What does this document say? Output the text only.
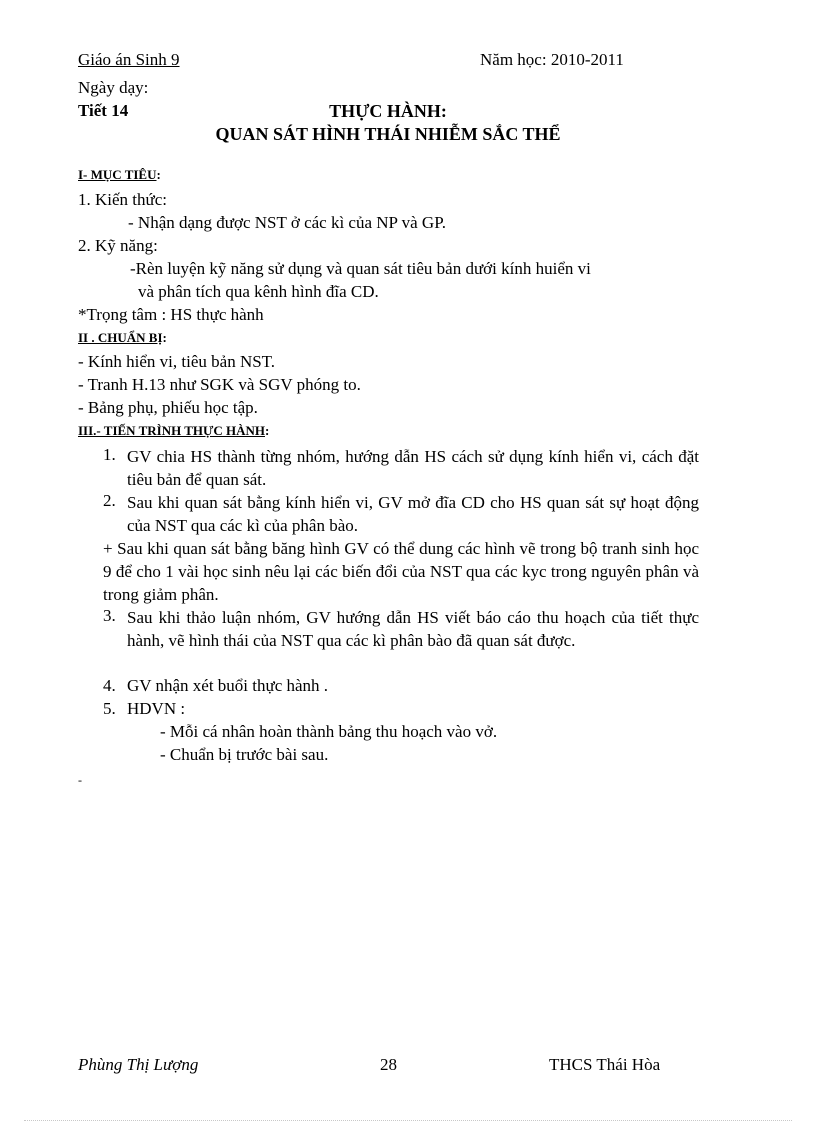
Giáo án Sinh 9	Năm học: 2010-2011
Ngày dạy:
Tiết 14	THỰC HÀNH:
QUAN SÁT HÌNH THÁI NHIỄM SẮC THỂ
I- MỤC TIÊU:
1. Kiến thức:
- Nhận dạng được NST ở các kì của NP và GP.
2. Kỹ năng:
-Rèn luyện kỹ năng sử dụng và quan sát tiêu bản dưới kính huiển vi
và phân tích qua kênh hình đĩa CD.
*Trọng tâm : HS thực hành
II . CHUẨN BỊ:
- Kính hiển vi, tiêu bản NST.
- Tranh H.13 như SGK và SGV phóng to.
- Bảng phụ, phiếu học tập.
III.- TIẾN TRÌNH THỰC HÀNH:
1. GV chia HS thành từng nhóm, hướng dẫn HS cách sử dụng kính hiển vi, cách đặt tiêu bản để quan sát.
2. Sau khi quan sát bằng kính hiển vi, GV mở đĩa CD cho HS quan sát sự hoạt động của NST qua các kì của phân bào.
+ Sau khi quan sát bằng băng hình GV có thể dung các hình vẽ trong bộ tranh sinh học 9 để cho 1 vài học sinh nêu lại các biến đổi của NST qua các kyc trong nguyên phân và trong giảm phân.
3. Sau khi thảo luận nhóm, GV hướng dẫn HS viết báo cáo thu hoạch của tiết thực hành, vẽ hình thái của NST qua các kì phân bào đã quan sát được.
4. GV nhận xét buổi thực hành .
5. HDVN :
- Mỗi cá nhân hoàn thành bảng thu hoạch vào vở.
- Chuẩn bị trước bài sau.
-
Phùng Thị Lượng	28	THCS Thái Hòa
